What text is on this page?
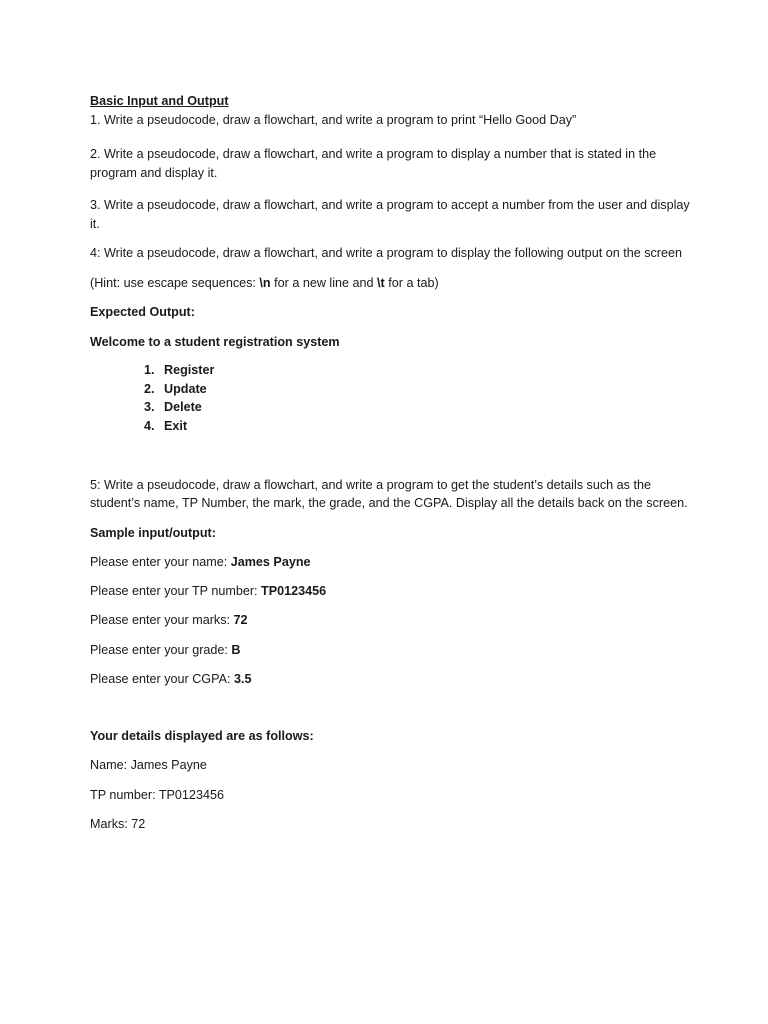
Basic Input and Output

1. Write a pseudocode, draw a flowchart, and write a program to print “Hello Good Day”

2. Write a pseudocode, draw a flowchart, and write a program to display a number that is stated in the program and display it.

3. Write a pseudocode, draw a flowchart, and write a program to accept a number from the user and display it.

4: Write a pseudocode, draw a flowchart, and write a program to display the following output on the screen

(Hint: use escape sequences: \n for a new line and \t for a tab)

Expected Output:

Welcome to a student registration system

1. Register
2. Update
3. Delete
4. Exit

5: Write a pseudocode, draw a flowchart, and write a program to get the student’s details such as the student’s name, TP Number, the mark, the grade, and the CGPA. Display all the details back on the screen.

Sample input/output:

Please enter your name: James Payne

Please enter your TP number: TP0123456

Please enter your marks: 72

Please enter your grade: B

Please enter your CGPA: 3.5

Your details displayed are as follows:

Name: James Payne

TP number: TP0123456

Marks: 72
